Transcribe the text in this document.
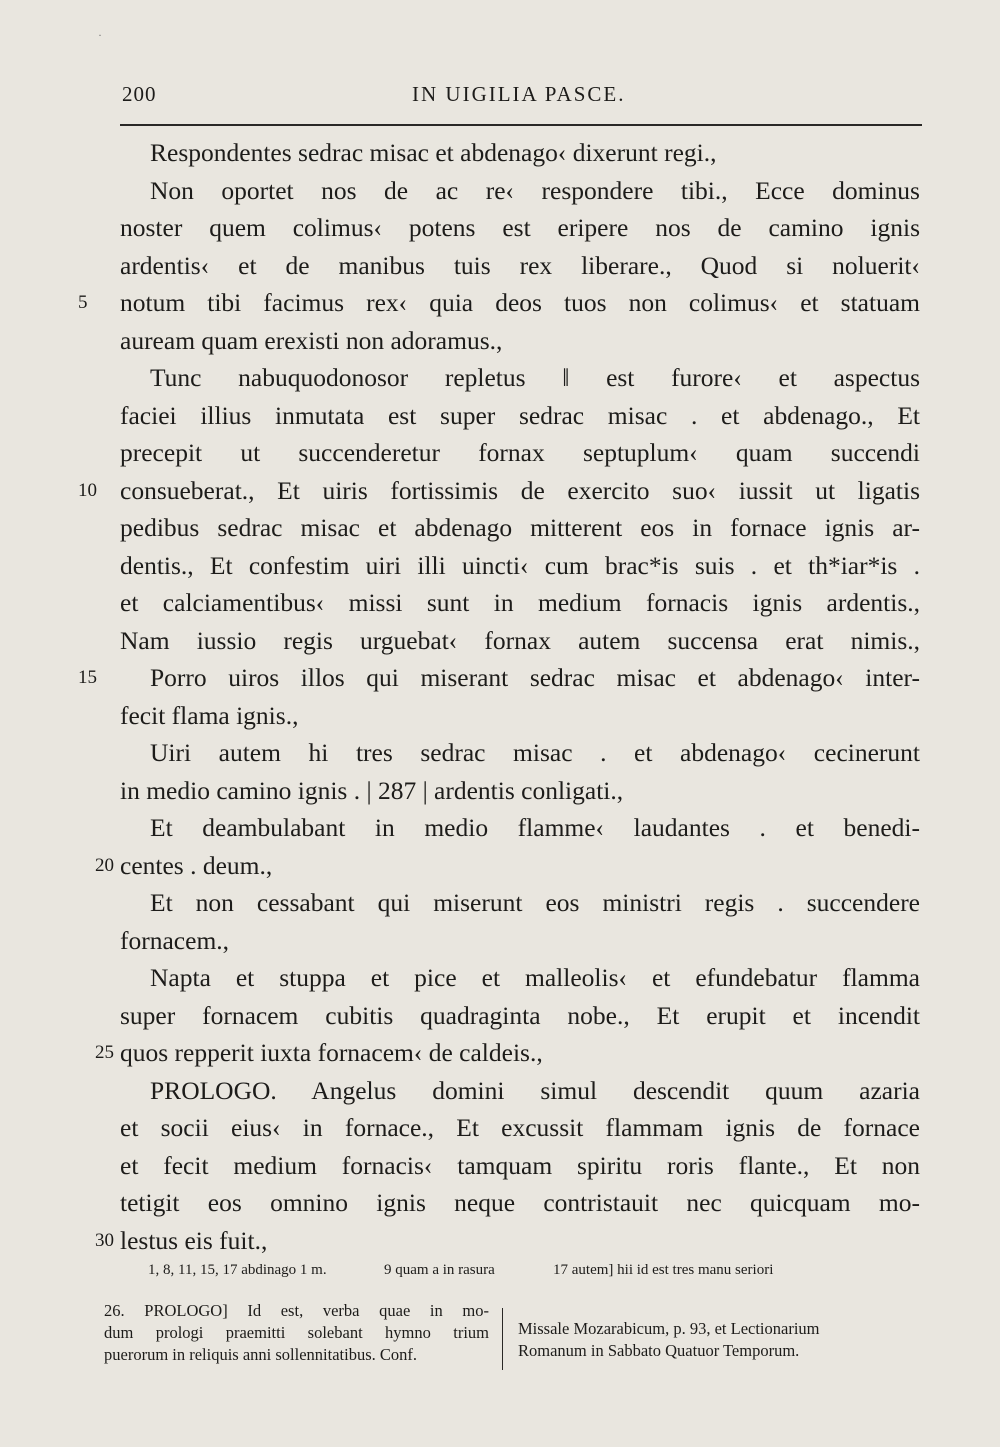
·
200	IN UIGILIA PASCE.
Respondentes sedrac misac et abdenago‹ dixerunt regi.,
Non oportet nos de ac re‹ respondere tibi., Ecce dominus
noster quem colimus‹ potens est eripere nos de camino ignis
ardentis‹ et de manibus tuis rex liberare., Quod si noluerit‹
5	notum tibi facimus rex‹ quia deos tuos non colimus‹ et statuam
auream quam erexisti non adoramus.,
Tunc nabuquodonosor repletus ‖ est furore‹ et aspectus
faciei illius inmutata est super sedrac misac . et abdenago., Et
precepit ut succenderetur fornax septuplum‹ quam succendi
10 consueberat., Et uiris fortissimis de exercito suo‹ iussit ut ligatis
pedibus sedrac misac et abdenago mitterent eos in fornace ignis ar-
dentis., Et confestim uiri illi uincti‹ cum brac*is suis . et th*iar*is .
et calciamentibus‹ missi sunt in medium fornacis ignis ardentis.,
Nam iussio regis urguebat‹ fornax autem succensa erat nimis.,
15	Porro uiros illos qui miserant sedrac misac et abdenago‹ inter-
fecit flama ignis.,
Uiri autem hi tres sedrac misac . et abdenago‹ cecinerunt
in medio camino ignis . | 287 | ardentis conligati.,
Et deambulabant in medio flamme‹ laudantes . et benedi-
20 centes . deum.,
Et non cessabant qui miserunt eos ministri regis . succendere
fornacem.,
Napta et stuppa et pice et malleolis‹ et efundebatur flamma
super fornacem cubitis quadraginta nobe., Et erupit et incendit
25 quos repperit iuxta fornacem‹ de caldeis.,
PROLOGO. Angelus domini simul descendit quum azaria
et socii eius‹ in fornace., Et excussit flammam ignis de fornace
et fecit medium fornacis‹ tamquam spiritu roris flante., Et non
tetigit eos omnino ignis neque contristauit nec quicquam mo-
30 lestus eis fuit.,
1, 8, 11, 15, 17 abdinago 1 m.	9 quam a in rasura	17 autem] hii id est tres manu seriori
26. PROLOGO] Id est, verba quae in mo-
dum prologi praemitti solebant hymno trium
puerorum in reliquis anni sollennitatibus. Conf.
Missale Mozarabicum, p. 93, et Lectionarium
Romanum in Sabbato Quatuor Temporum.
